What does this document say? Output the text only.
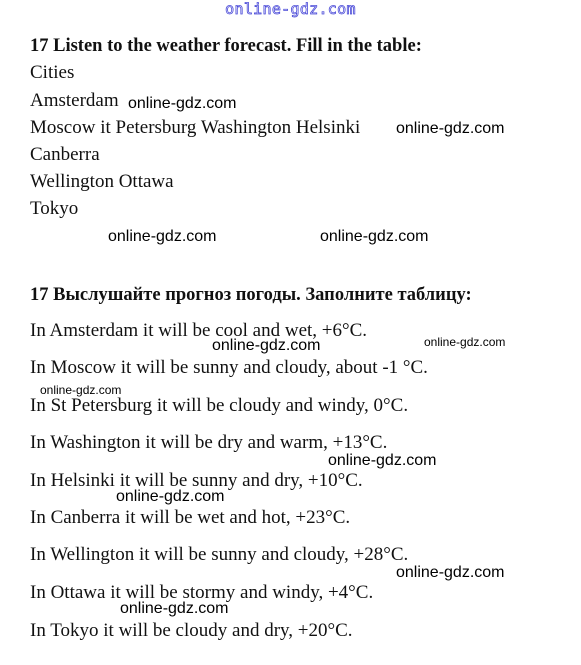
online-gdz.com
17 Listen to the weather forecast. Fill in the table:
Cities
Amsterdam
Moscow it Petersburg Washington Helsinki
Canberra
Wellington Ottawa
Tokyo
17 Выслушайте прогноз погоды. Заполните таблицу:
In Amsterdam it will be cool and wet, +6°C.
In Moscow it will be sunny and cloudy, about -1 °C.
In St Petersburg it will be cloudy and windy, 0°C.
In Washington it will be dry and warm, +13°C.
In Helsinki it will be sunny and dry, +10°C.
In Canberra it will be wet and hot, +23°C.
In Wellington it will be sunny and cloudy, +28°C.
In Ottawa it will be stormy and windy, +4°C.
In Tokyo it will be cloudy and dry, +20°C.
online-gdz.com
online-gdz.com
online-gdz.com	online-gdz.com
online-gdz.com
online-gdz.com
online-gdz.com
online-gdz.com
online-gdz.com
online-gdz.com
online-gdz.com
